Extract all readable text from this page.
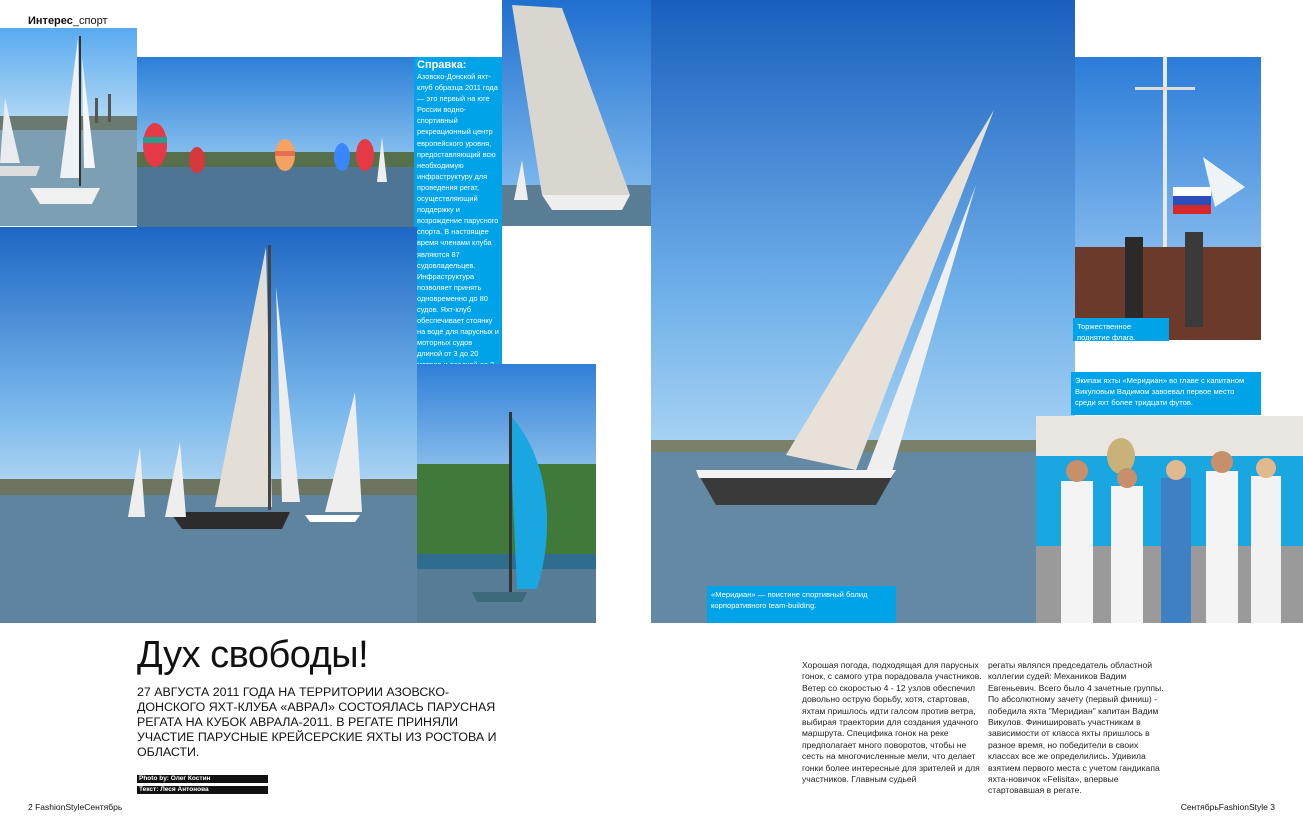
Интерес_спорт
Справка:
Азовско-Донской яхт-клуб образца 2011 года — это первый на юге России водно-спортивный рекреационный центр европейского уровня, предоставляющий всю необходимую инфраструктуру для проведения регат, осуществляющий поддержку и возрождение парусного спорта. В настоящее время членами клуба являются 87 судовладельцев. Инфраструктура позволяет принять одновременно до 80 судов. Яхт-клуб обеспечивает стоянку на воде для парусных и моторных судов длиной от 3 до 20
«Меридиан» — поистине спортивный болид корпоративного team-building.
Торжественное поднятие флага.
Экипаж яхты «Меридиан» во главе с капитаном Викуловым Вадимом завоевал первое место среди яхт более тридцати футов.
Дух свободы!
27 АВГУСТА 2011 ГОДА НА ТЕРРИТОРИИ АЗОВСКО-ДОНСКОГО ЯХТ-КЛУБА «АВРАЛ» СОСТОЯЛАСЬ ПАРУСНАЯ РЕГАТА НА КУБОК АВРАЛА-2011. В РЕГАТЕ ПРИНЯЛИ УЧАСТИЕ ПАРУСНЫЕ КРЕЙСЕРСКИЕ ЯХТЫ ИЗ РОСТОВА И ОБЛАСТИ.
Photo by: Олег Костин
Текст: Леся Антонова
Хорошая погода, подходящая для парусных гонок, с самого утра порадовала участников. Ветер со скоростью 4 - 12 узлов обеспечил довольно острую борьбу, хотя, стартовав, яхтам пришлось идти галсом против ветра, выбирая траектории для создания удачного маршрута. Специфика гонок на реке предполагает много поворотов, чтобы не сесть на многочисленные мели, что делает гонки более интересные для зрителей и для участников. Главным судьей
регаты являлся председатель областной коллегии судей: Механиков Вадим Евгеньевич. Всего было 4 зачетные группы. По абсолютному зачету (первый финиш) - победила яхта "Меридиан" капитан Вадим Викулов. Финишировать участникам в зависимости от класса яхты пришлось в разное время, но победители в своих классах все же определились. Удивила взятием первого места с учетом гандикапа яхта-новичок «Felisita», впервые стартовавшая в регате.
2 FashionStyleСентябрь	СентябрьFashionStyle 3
